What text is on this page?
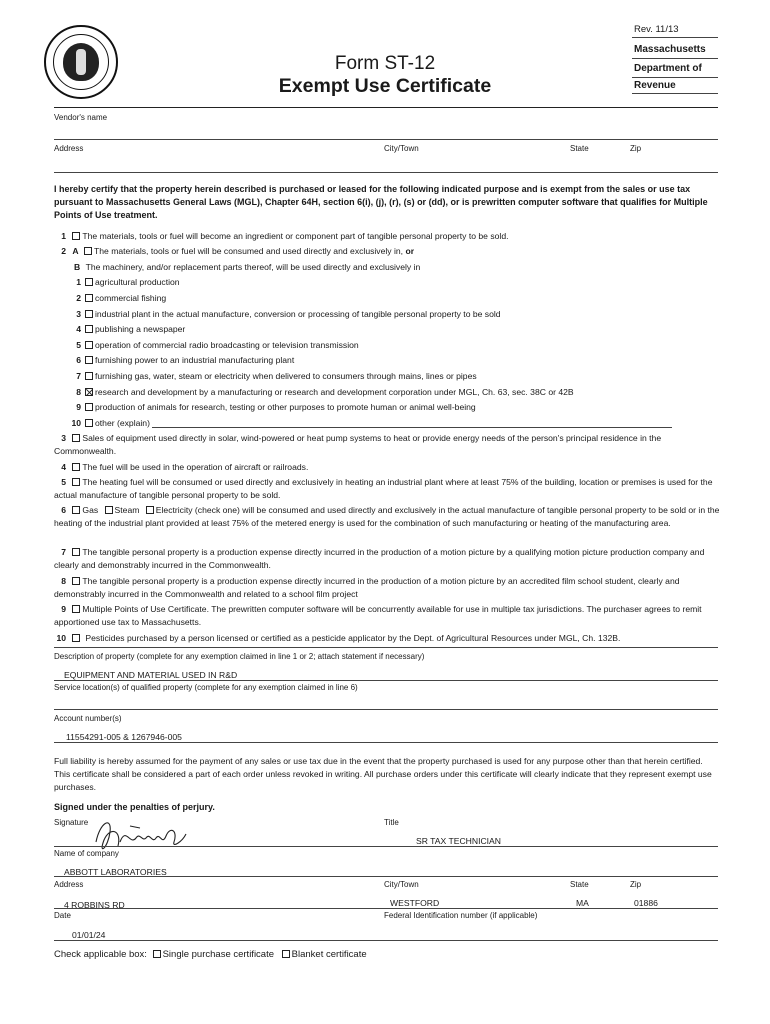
Rev. 11/13
Massachusetts
Department of
Revenue
Form ST-12
Exempt Use Certificate
Vendor's name
Address	City/Town	State	Zip
I hereby certify that the property herein described is purchased or leased for the following indicated purpose and is exempt from the sales or use tax pursuant to Massachusetts General Laws (MGL), Chapter 64H, section 6(i), (j), (r), (s) or (dd), or is prewritten computer software that qualifies for Multiple Points of Use treatment.
1 The materials, tools or fuel will become an ingredient or component part of tangible personal property to be sold.
2 A The materials, tools or fuel will be consumed and used directly and exclusively in, or
B The machinery, and/or replacement parts thereof, will be used directly and exclusively in
1 agricultural production
2 commercial fishing
3 industrial plant in the actual manufacture, conversion or processing of tangible personal property to be sold
4 publishing a newspaper
5 operation of commercial radio broadcasting or television transmission
6 furnishing power to an industrial manufacturing plant
7 furnishing gas, water, steam or electricity when delivered to consumers through mains, lines or pipes
8 research and development by a manufacturing or research and development corporation under MGL, Ch. 63, sec. 38C or 42B
9 production of animals for research, testing or other purposes to promote human or animal well-being
10 other (explain)
3 Sales of equipment used directly in solar, wind-powered or heat pump systems to heat or provide energy needs of the person's principal residence in the Commonwealth.
4 The fuel will be used in the operation of aircraft or railroads.
5 The heating fuel will be consumed or used directly and exclusively in heating an industrial plant where at least 75% of the building, location or premises is used for the actual manufacture of tangible personal property to be sold.
6 Gas Steam Electricity (check one) will be consumed and used directly and exclusively in the actual manufacture of tangible personal property to be sold or in the heating of the industrial plant provided at least 75% of the metered energy is used for the combination of such manufacturing or heating of the manufacturing area.
7 The tangible personal property is a production expense directly incurred in the production of a motion picture by a qualifying motion picture production company and clearly and demonstrably incurred in the Commonwealth.
8 The tangible personal property is a production expense directly incurred in the production of a motion picture by an accredited film school student, clearly and demonstrably incurred in the Commonwealth and related to a school film project
9 Multiple Points of Use Certificate. The prewritten computer software will be concurrently available for use in multiple tax jurisdictions. The purchaser agrees to remit apportioned use tax to Massachusetts.
10 Pesticides purchased by a person licensed or certified as a pesticide applicator by the Dept. of Agricultural Resources under MGL, Ch. 132B.
Description of property (complete for any exemption claimed in line 1 or 2; attach statement if necessary)
EQUIPMENT AND MATERIAL USED IN R&D
Service location(s) of qualified property (complete for any exemption claimed in line 6)
Account number(s)
11554291-005 & 1267946-005
Full liability is hereby assumed for the payment of any sales or use tax due in the event that the property purchased is used for any purpose other than that herein certified. This certificate shall be considered a part of each order unless revoked in writing. All purchase orders under this certificate will clearly indicate that they represent exempt use purchases.
Signed under the penalties of perjury.
Signature	Title
SR TAX TECHNICIAN
Name of company
ABBOTT LABORATORIES
Address	City/Town	State	Zip
4 ROBBINS RD	WESTFORD	MA	01886
Date	Federal Identification number (if applicable)
01/01/24
Check applicable box: Single purchase certificate Blanket certificate
